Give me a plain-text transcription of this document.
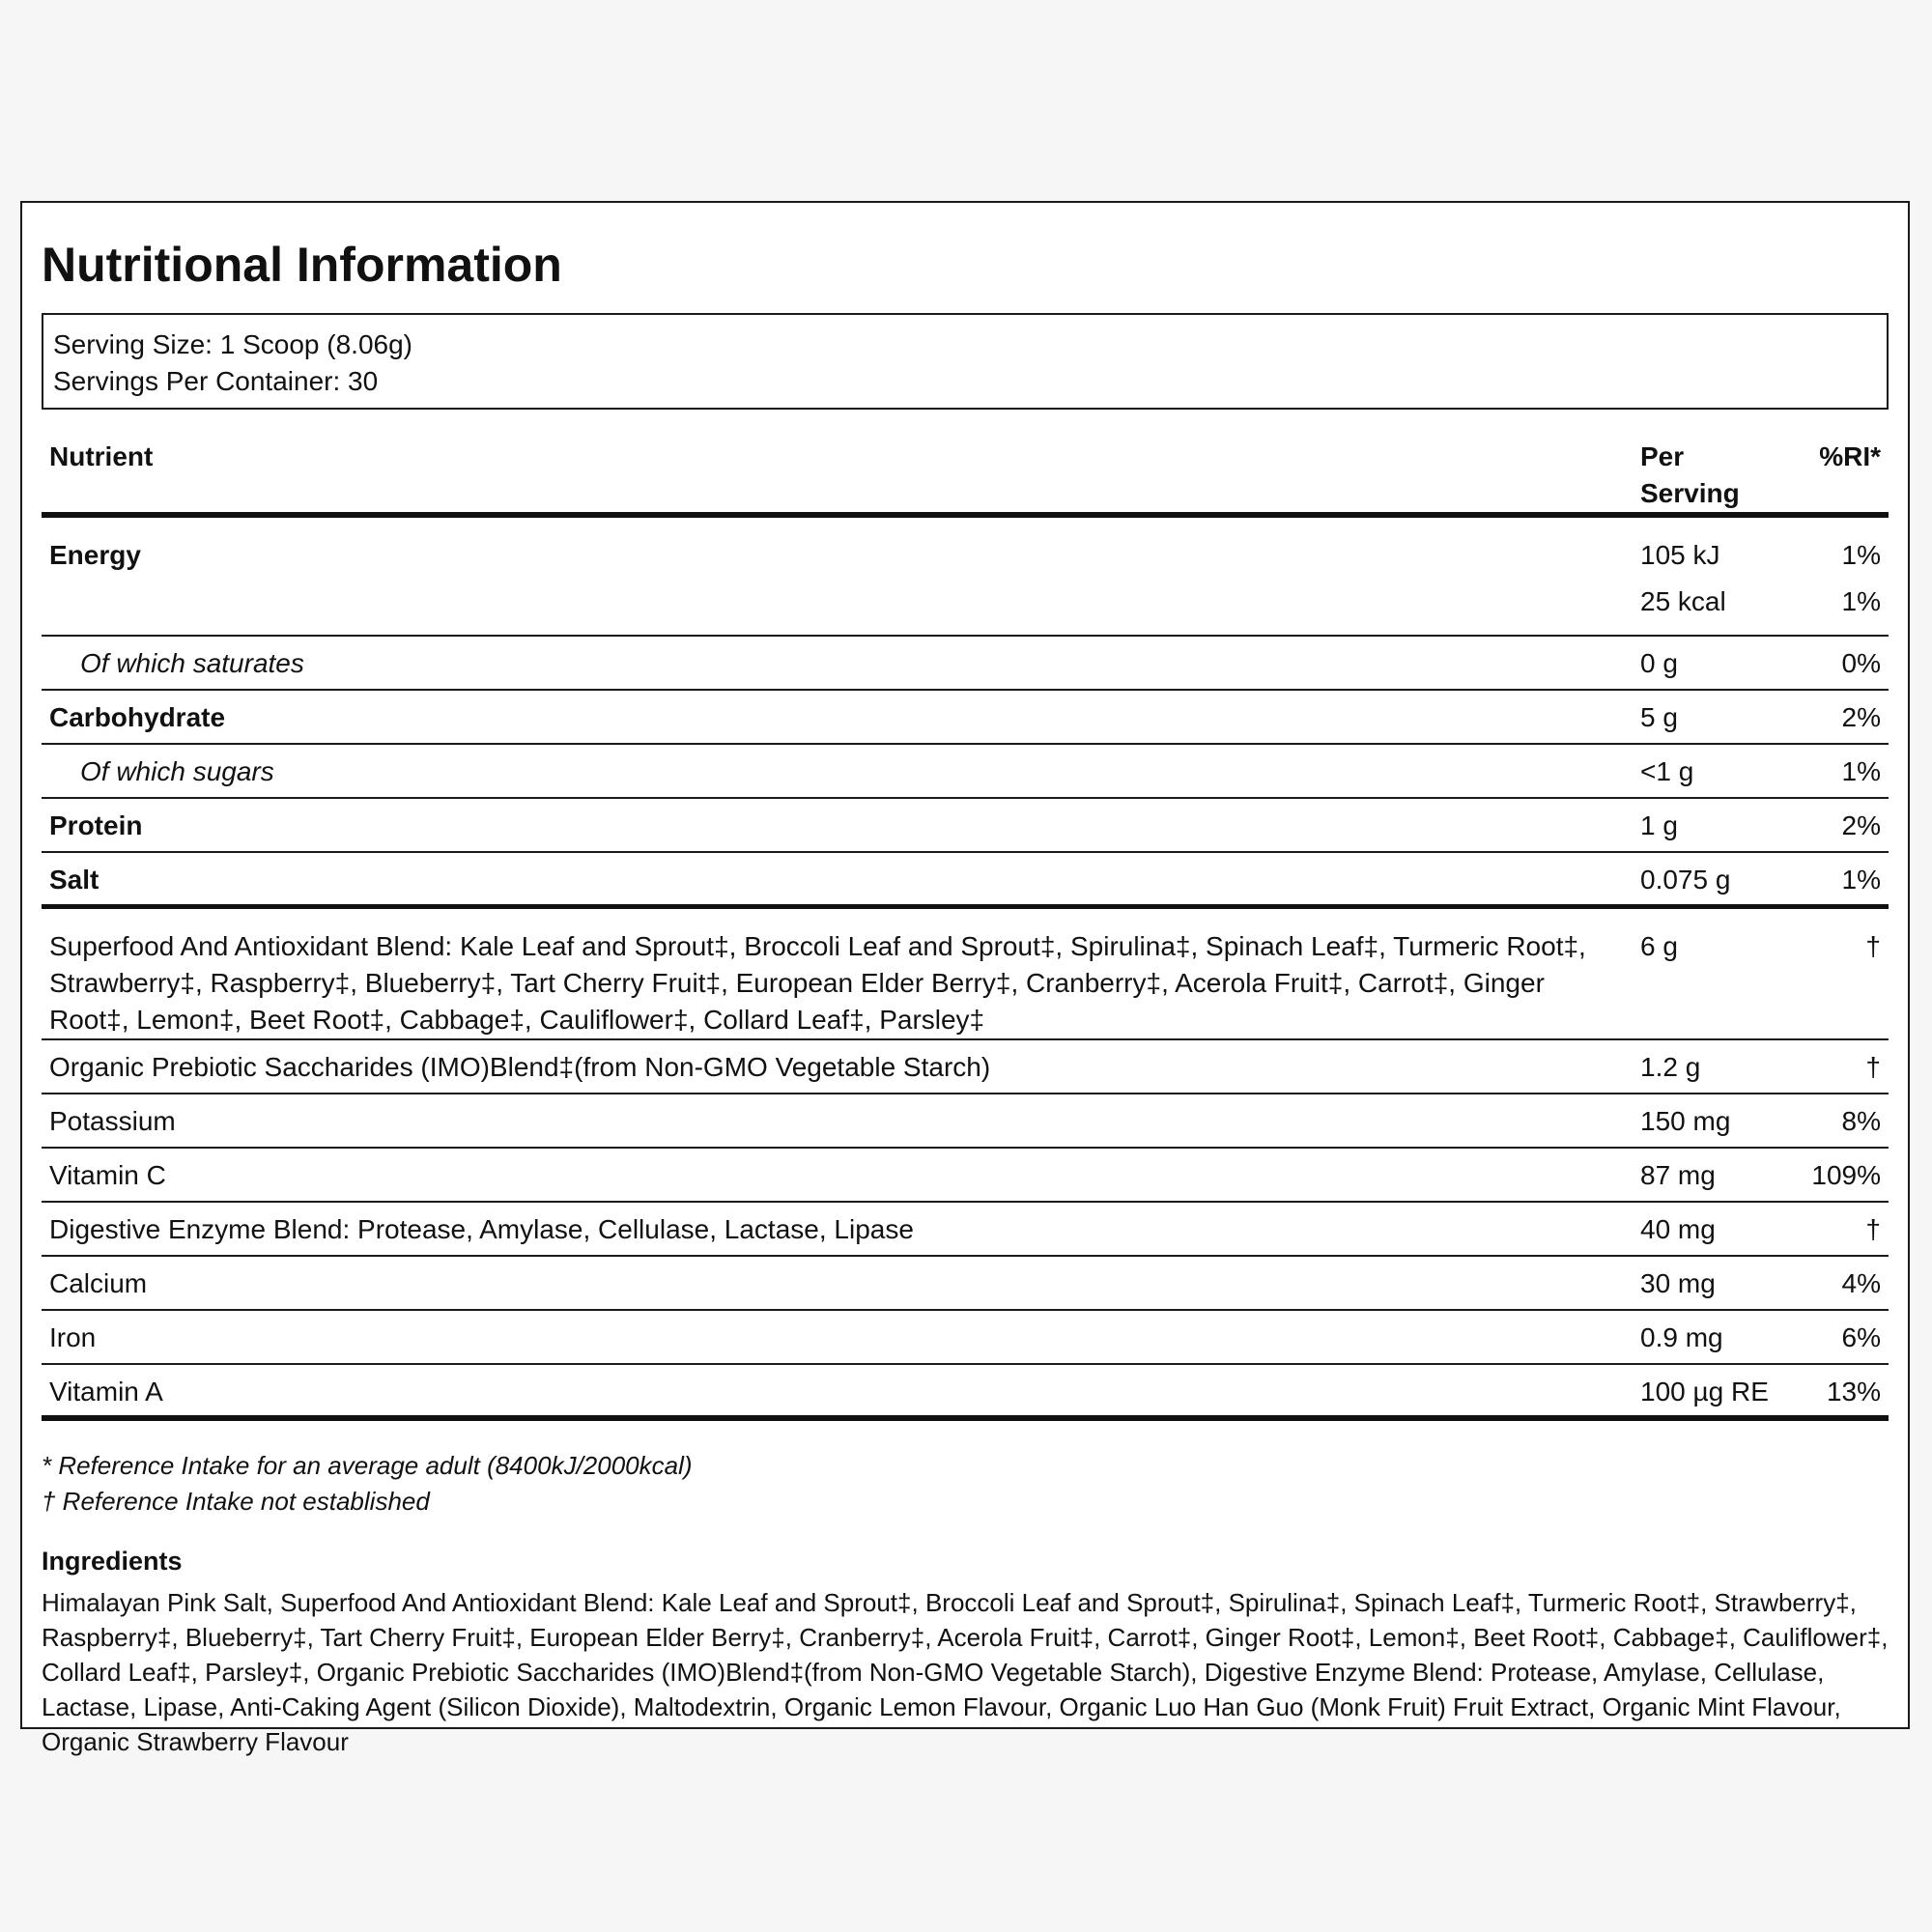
Nutritional Information
Serving Size: 1 Scoop (8.06g)
Servings Per Container: 30
Nutrient	Per Serving	%RI*
Energy	105 kJ	1%
	25 kcal	1%
Of which saturates	0 g	0%
Carbohydrate	5 g	2%
Of which sugars	<1 g	1%
Protein	1 g	2%
Salt	0.075 g	1%
Superfood And Antioxidant Blend: Kale Leaf and Sprout‡, Broccoli Leaf and Sprout‡, Spirulina‡, Spinach Leaf‡, Turmeric Root‡, Strawberry‡, Raspberry‡, Blueberry‡, Tart Cherry Fruit‡, European Elder Berry‡, Cranberry‡, Acerola Fruit‡, Carrot‡, Ginger Root‡, Lemon‡, Beet Root‡, Cabbage‡, Cauliflower‡, Collard Leaf‡, Parsley‡	6 g	†
Organic Prebiotic Saccharides (IMO)Blend‡(from Non-GMO Vegetable Starch)	1.2 g	†
Potassium	150 mg	8%
Vitamin C	87 mg	109%
Digestive Enzyme Blend: Protease, Amylase, Cellulase, Lactase, Lipase	40 mg	†
Calcium	30 mg	4%
Iron	0.9 mg	6%
Vitamin A	100 µg RE	13%
* Reference Intake for an average adult (8400kJ/2000kcal)
† Reference Intake not established
Ingredients
Himalayan Pink Salt, Superfood And Antioxidant Blend: Kale Leaf and Sprout‡, Broccoli Leaf and Sprout‡, Spirulina‡, Spinach Leaf‡, Turmeric Root‡, Strawberry‡, Raspberry‡, Blueberry‡, Tart Cherry Fruit‡, European Elder Berry‡, Cranberry‡, Acerola Fruit‡, Carrot‡, Ginger Root‡, Lemon‡, Beet Root‡, Cabbage‡, Cauliflower‡, Collard Leaf‡, Parsley‡, Organic Prebiotic Saccharides (IMO)Blend‡(from Non-GMO Vegetable Starch), Digestive Enzyme Blend: Protease, Amylase, Cellulase, Lactase, Lipase, Anti-Caking Agent (Silicon Dioxide), Maltodextrin, Organic Lemon Flavour, Organic Luo Han Guo (Monk Fruit) Fruit Extract, Organic Mint Flavour, Organic Strawberry Flavour
